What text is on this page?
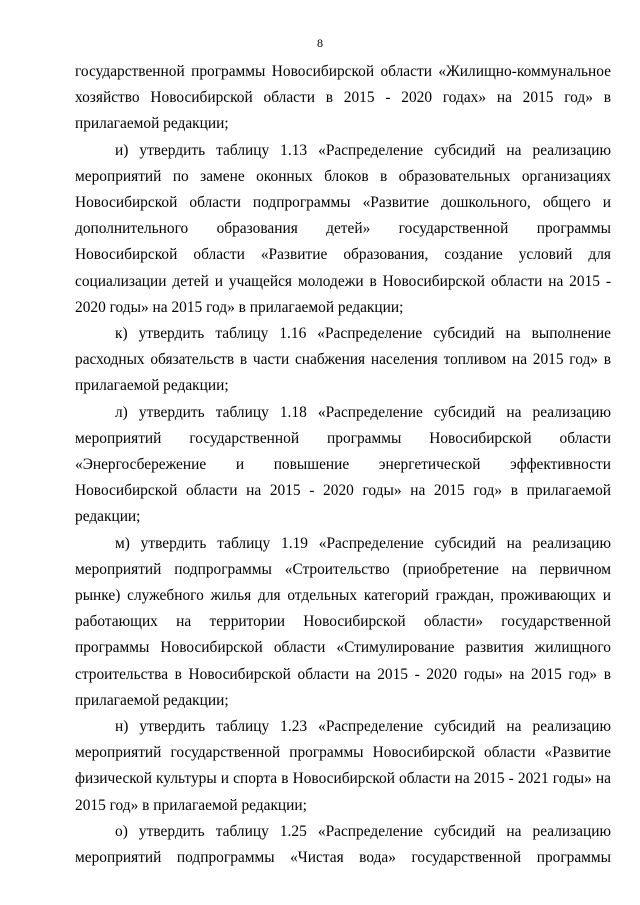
8

государственной программы Новосибирской области «Жилищно-коммунальное хозяйство Новосибирской области в 2015 - 2020 годах» на 2015 год» в прилагаемой редакции;

и) утвердить таблицу 1.13 «Распределение субсидий на реализацию мероприятий по замене оконных блоков в образовательных организациях Новосибирской области подпрограммы «Развитие дошкольного, общего и дополнительного образования детей» государственной программы Новосибирской области «Развитие образования, создание условий для социализации детей и учащейся молодежи в Новосибирской области на 2015 - 2020 годы» на 2015 год» в прилагаемой редакции;

к) утвердить таблицу 1.16 «Распределение субсидий на выполнение расходных обязательств в части снабжения населения топливом на 2015 год» в прилагаемой редакции;

л) утвердить таблицу 1.18 «Распределение субсидий на реализацию мероприятий государственной программы Новосибирской области «Энергосбережение и повышение энергетической эффективности Новосибирской области на 2015 - 2020 годы» на 2015 год» в прилагаемой редакции;

м) утвердить таблицу 1.19 «Распределение субсидий на реализацию мероприятий подпрограммы «Строительство (приобретение на первичном рынке) служебного жилья для отдельных категорий граждан, проживающих и работающих на территории Новосибирской области» государственной программы Новосибирской области «Стимулирование развития жилищного строительства в Новосибирской области на 2015 - 2020 годы» на 2015 год» в прилагаемой редакции;

н) утвердить таблицу 1.23 «Распределение субсидий на реализацию мероприятий государственной программы Новосибирской области «Развитие физической культуры и спорта в Новосибирской области на 2015 - 2021 годы» на 2015 год» в прилагаемой редакции;

о) утвердить таблицу 1.25 «Распределение субсидий на реализацию мероприятий подпрограммы «Чистая вода» государственной программы
